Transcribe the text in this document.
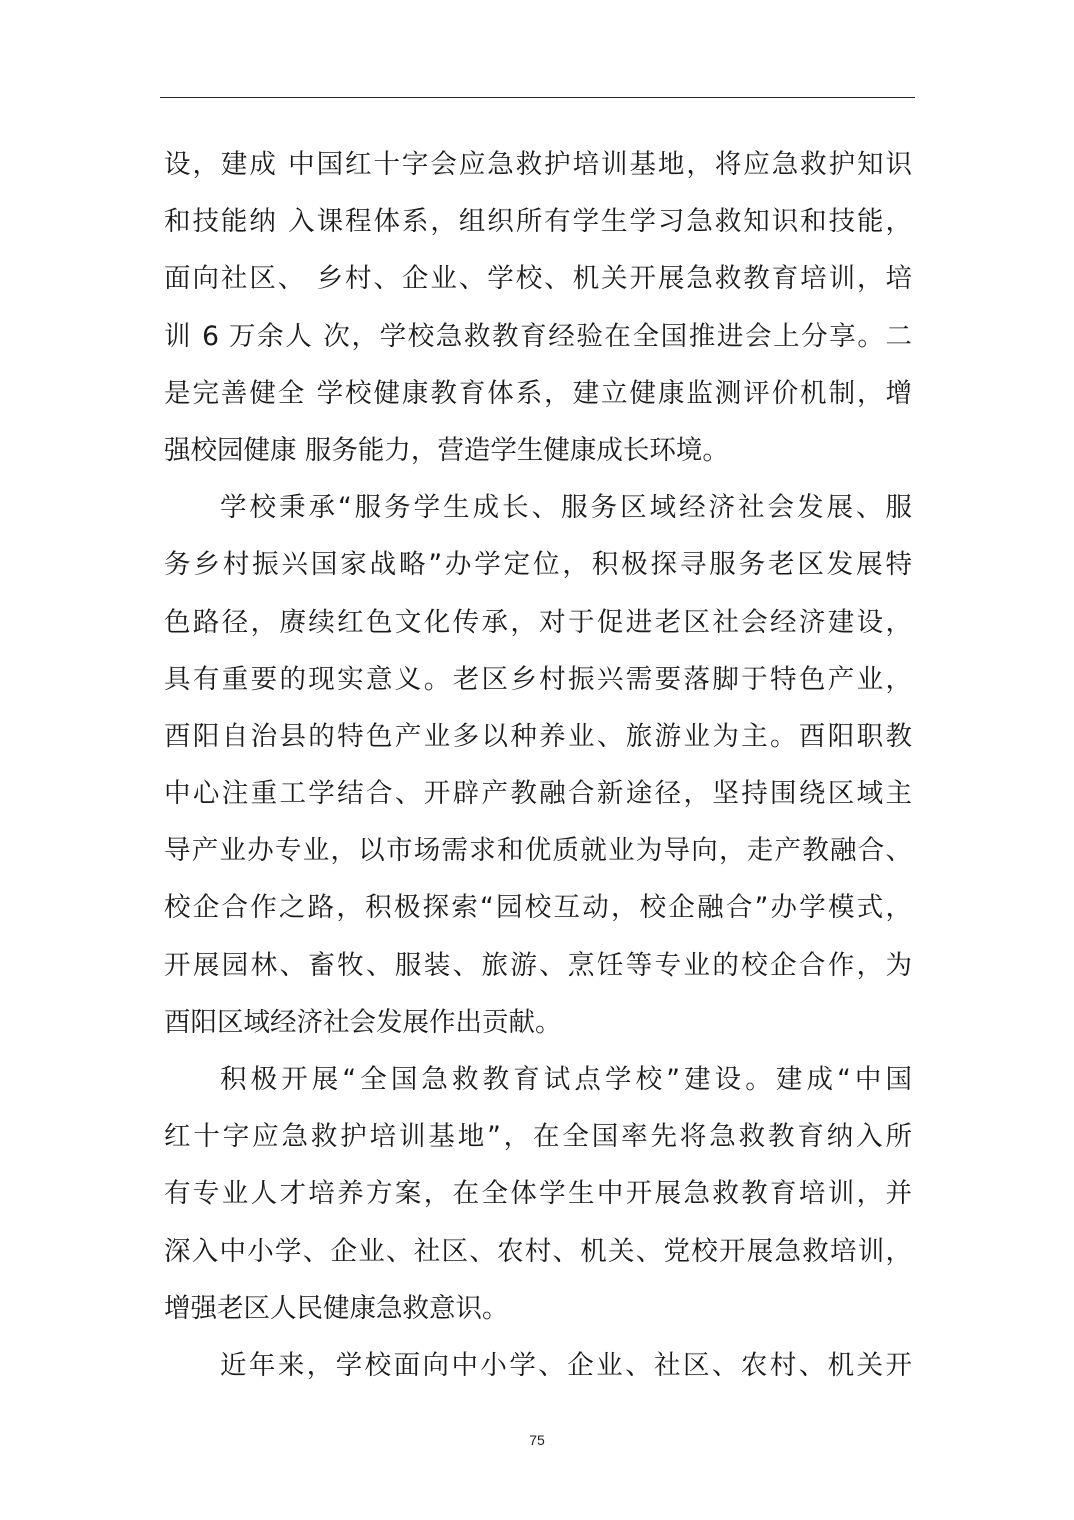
设，建成 中国红十字会应急救护培训基地，将应急救护知识
和技能纳 入课程体系，组织所有学生学习急救知识和技能，
面向社区、 乡村、企业、学校、机关开展急救教育培训，培
训 6 万余人 次，学校急救教育经验在全国推进会上分享。二
是完善健全 学校健康教育体系，建立健康监测评价机制，增
强校园健康 服务能力，营造学生健康成长环境。
学校秉承“服务学生成长、服务区域经济社会发展、服
务乡村振兴国家战略”办学定位，积极探寻服务老区发展特
色路径，赓续红色文化传承，对于促进老区社会经济建设，
具有重要的现实意义。老区乡村振兴需要落脚于特色产业，
酉阳自治县的特色产业多以种养业、旅游业为主。酉阳职教
中心注重工学结合、开辟产教融合新途径，坚持围绕区域主
导产业办专业，以市场需求和优质就业为导向，走产教融合、
校企合作之路，积极探索“园校互动，校企融合”办学模式，
开展园林、畜牧、服装、旅游、烹饪等专业的校企合作，为
酉阳区域经济社会发展作出贡献。
积极开展“全国急救教育试点学校”建设。建成“中国
红十字应急救护培训基地”，在全国率先将急救教育纳入所
有专业人才培养方案，在全体学生中开展急救教育培训，并
深入中小学、企业、社区、农村、机关、党校开展急救培训，
增强老区人民健康急救意识。
近年来，学校面向中小学、企业、社区、农村、机关开
75
